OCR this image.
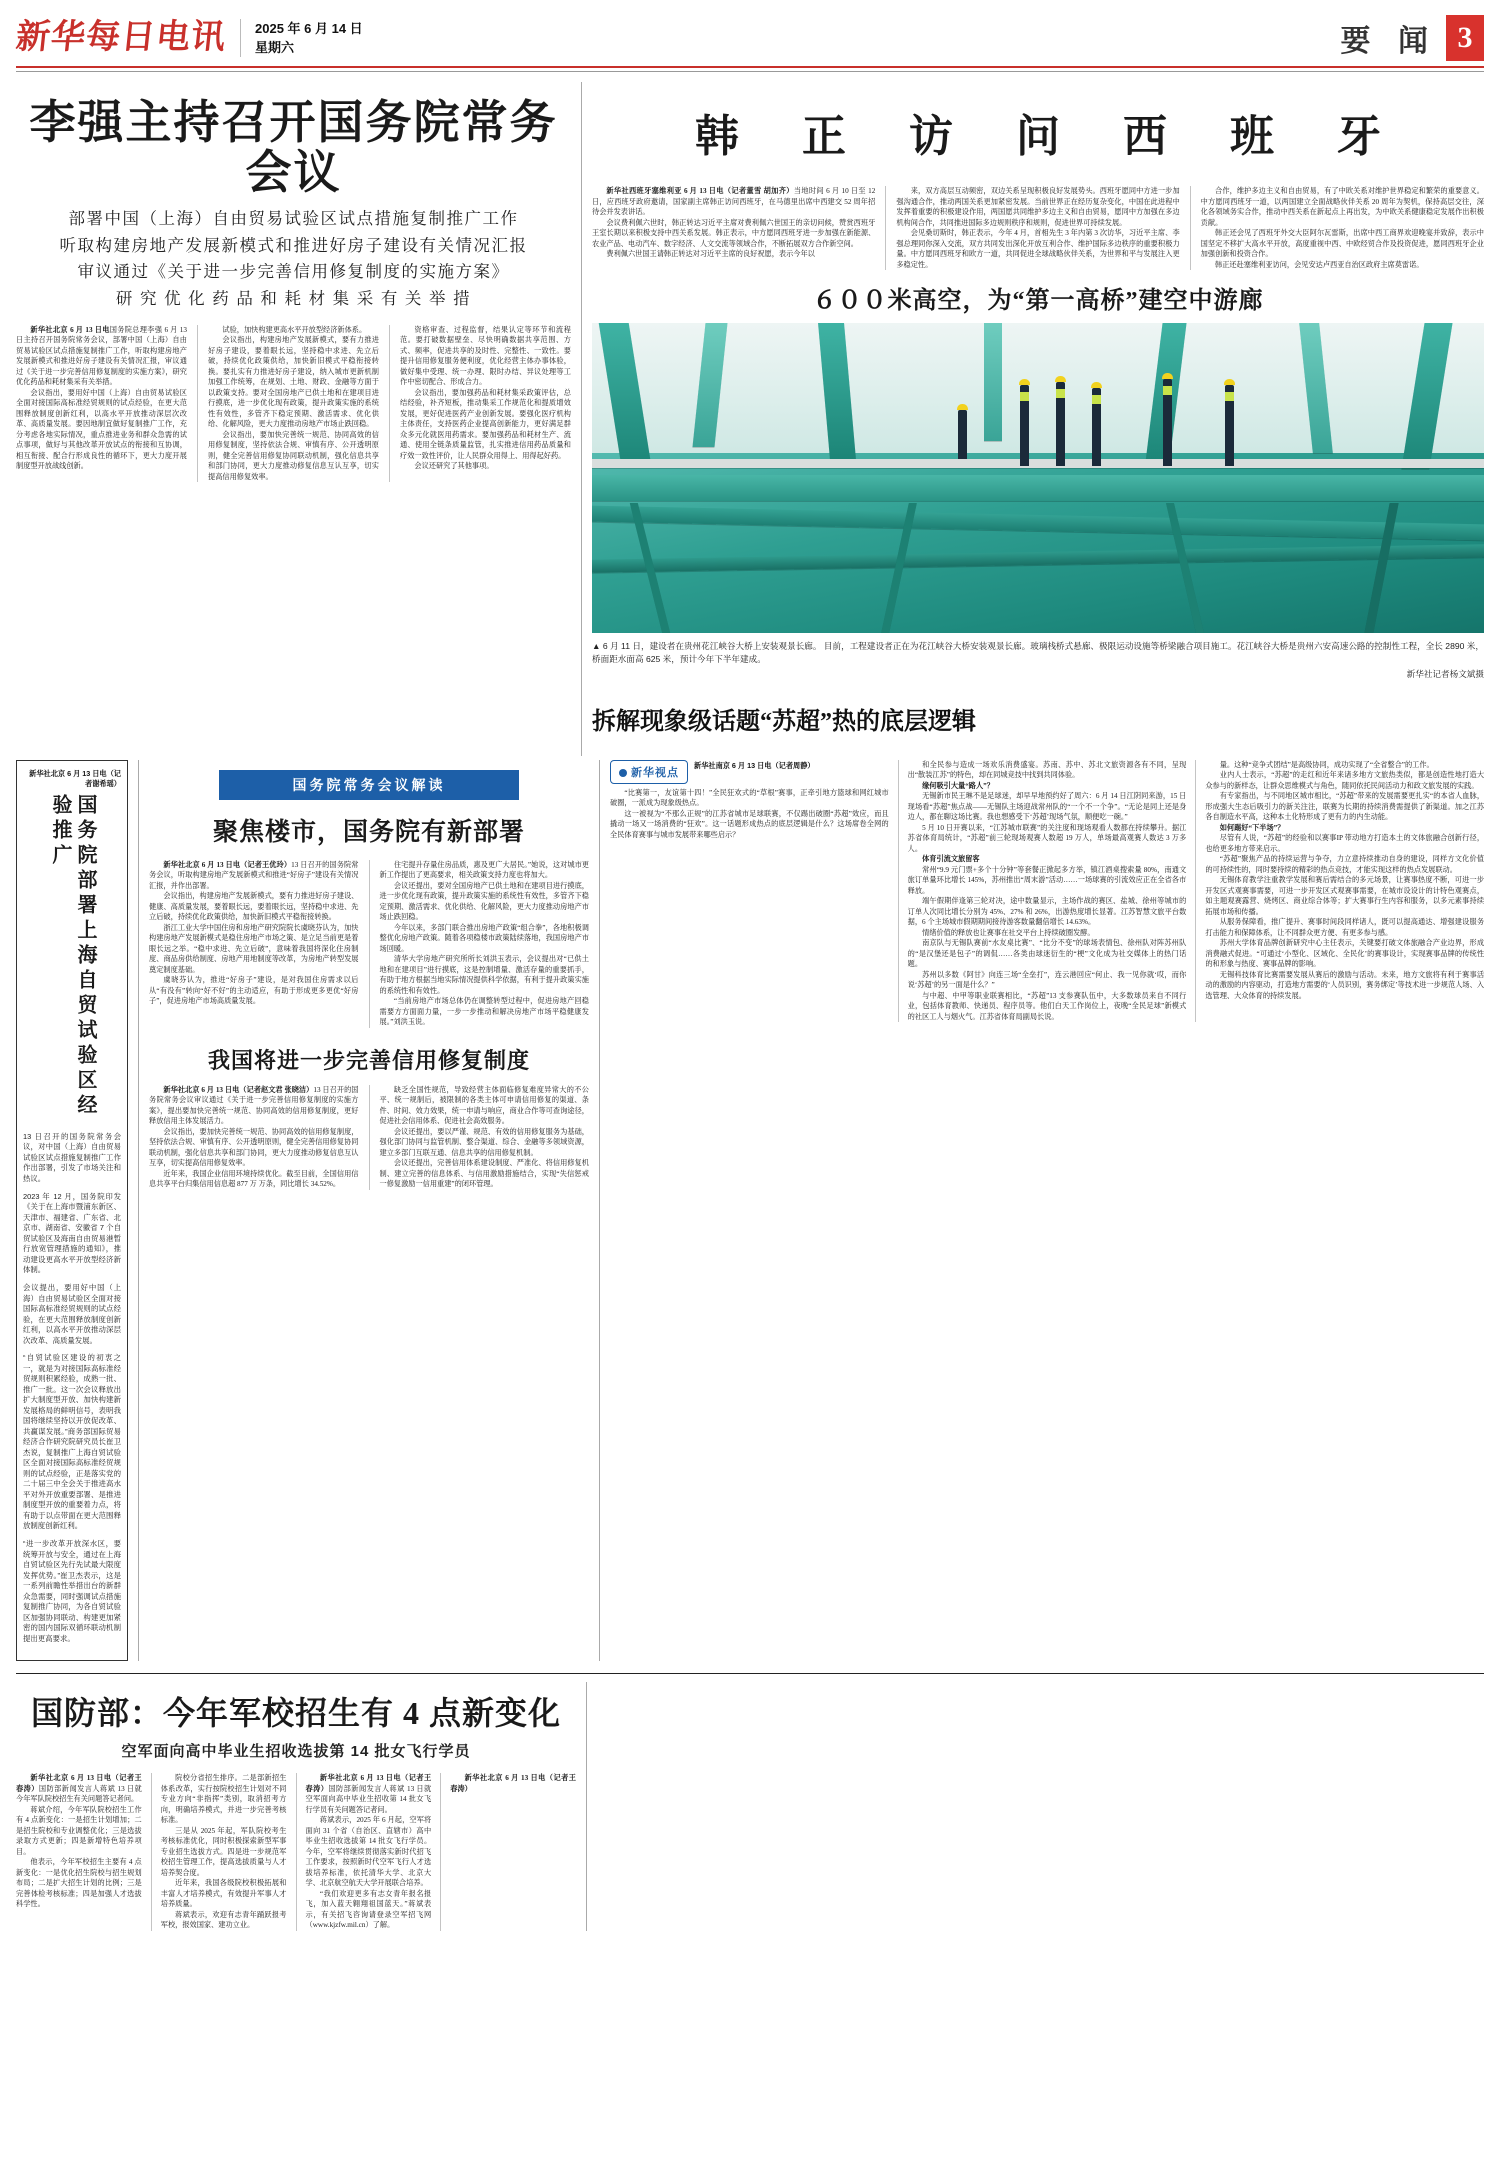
新华每日电讯 2025 年 6 月 14 日
星期六	要 闻 3
李强主持召开国务院常务会议
部署中国（上海）自由贸易试验区试点措施复制推广工作
听取构建房地产发展新模式和推进好房子建设有关情况汇报
审议通过《关于进一步完善信用修复制度的实施方案》
研 究 优 化 药 品 和 耗 材 集 采 有 关 举 措

新华社北京 6 月 13 日电国务院总理李强 6 月 13 日主持召开国务院常务会议，部署中国（上海）自由贸易试验区试点措施复制推广工作，听取构建房地产发展新模式和推进好房子建设有关情况汇报，审议通过《关于进一步完善信用修复制度的实施方案》，研究优化药品和耗材集采有关举措。

会议指出，要用好中国（上海）自由贸易试验区全面对接国际高标准经贸规则的试点经验，在更大范围释放制度创新红利，以高水平开放推动深层次改革、高质量发展。要因地制宜做好复制推广工作，充分考虑各地实际情况，重点推进业务和群众急需的试点事项，做好与其他改革开放试点的衔接和互协调，相互衔接、配合行形成良性的循环下，更大力度开展制度型开放战线创新。

试验，加快构建更高水平开放型经济新体系。

会议指出，构建房地产发展新模式，要有力推进好房子建设，要着眼长远，坚持稳中求进、先立后破，持续优化政策供给，加快新旧模式平稳衔接转换。要扎实有力推进好房子建设，纳入城市更新机制加强工作统筹，在规划、土地、财政、金融等方面于以政策支持。要对全国房地产已供土地和在建项目进行摸底，进一步优化现有政策，提升政策实施的系统性有效性，多管齐下稳定预期、激活需求、优化供给、化解风险，更大力度推动房地产市场止跌回稳。

会议指出，要加快完善统一规范、协同高效的信用修复制度，坚持依法合规、审慎有序、公开透明原则，健全完善信用修复协同联动机制，强化信息共享和部门协同，更大力度推动修复信息互认互享，切实提高信用修复效率。

资格审查、过程监督，结果认定等环节和流程范。要打破数据壁垒、尽快明确数据共享范围、方式、频率，促进共享的及时性、完整性、一致性。要提升信用修复服务便利度，优化经营主体办事体验，做好集中受理、统一办理、限时办结、异议处理等工作中密切配合、形成合力。

会议指出，要加强药品和耗材集采政策评估，总结经验，补齐短板，推动集采工作规范化和提质增效发展，更好促进医药产业创新发展。要强化医疗机构主体责任，支持医药企业提高创新能力，更好满足群众多元化就医用药需求。要加强药品和耗材生产、流通、使用全链条质量监管，扎实推进信用药品质量和疗效一致性评价，让人民群众用得上、用得起好药。

会议还研究了其他事项。

韩 正 访 问 西 班 牙

新华社西班牙塞维利亚 6 月 13 日电（记者董雪 胡加齐）当地时间 6 月 10 日至 12 日，应西班牙政府邀请，国家副主席韩正访问西班牙，在马德里出席中西建交 52 周年招待会并发表讲话。

会议费利佩六世时，韩正转达习近平主席对费利佩六世国王的亲切问候，赞赏西班牙王室长期以来积极支持中西关系发展。韩正表示，中方愿同西班牙进一步加强在新能源、农业产品、电动汽车、数字经济、人文交流等领域合作，不断拓展双方合作新空间。

费利佩六世国王请韩正转达对习近平主席的良好祝愿，表示今年以

来，双方高层互动频密，双边关系呈现积极良好发展势头。西班牙愿同中方进一步加强沟通合作，推动两国关系更加紧密发展。当前世界正在经历复杂变化，中国在此进程中发挥着重要的积极建设作用，两国愿共同维护多边主义和自由贸易，愿同中方加强在多边机构间合作，共同推进国际多边规则秩序和规则，促进世界可持续发展。

会见桑切斯时，韩正表示，今年 4 月，首相先生 3 年内第 3 次访华，习近平主席、李强总理同你深入交流，双方共同发出深化开放互利合作、维护国际多边秩序的重要积极力量。中方愿同西班牙和欧方一道，共同促进全球战略伙伴关系，为世界和平与发展注入更多稳定性。

合作，维护多边主义和自由贸易，有了中欧关系对维护世界稳定和繁荣的重要意义。中方愿同西班牙一道，以两国建立全面战略伙伴关系 20 周年为契机，保持高层交往，深化各领域务实合作，推动中西关系在新起点上再出发，为中欧关系健康稳定发展作出积极贡献。

韩正还会见了西班牙外交大臣阿尔瓦雷斯，出席中西工商界欢迎晚宴并致辞，表示中国坚定不移扩大高水平开放，高度重视中西、中欧经贸合作及投资促进，愿同西班牙企业加强创新和投资合作。

韩正还赴塞维利亚访问，会见安达卢西亚自治区政府主席莫雷诺。

６００米高空，为“第一高桥”建空中游廊
▲ 6 月 11 日，建设者在贵州花江峡谷大桥上安装观景长廊。 目前，工程建设者正在为花江峡谷大桥安装观景长廊。玻璃栈桥式悬廊、极限运动设施等桥梁融合项目施工。花江峡谷大桥是贵州六安高速公路的控制性工程，全长 2890 米，桥面距水面高 625 米，预计今年下半年建成。
新华社记者杨文斌摄
拆解现象级话题“苏超”热的底层逻辑
新华社北京 6 月 13 日电（记者谢希瑶）
国务院部署上海自贸试验区经验推广

13 日召开的国务院常务会议，对中国（上海）自由贸易试验区试点措施复制推广工作作出部署，引发了市场关注和热议。

2023 年 12 月，国务院印发《关于在上海市暨浦东新区、天津市、福建省、广东省、北京市、湖南省、安徽省 7 个自贸试验区及海南自由贸易港暂行放宽管理措施的通知》，推动建设更高水平开放型经济新体制。

会议提出，要用好中国（上海）自由贸易试验区全面对接国际高标准经贸规则的试点经验，在更大范围释放制度创新红利，以高水平开放推动深层次改革、高质量发展。

“自贸试验区建设的初衷之一，就是为对接国际高标准经贸规则积累经验，成熟一批、推广一批。这一次会议释放出扩大制度型开放、加快构建新发展格局的鲜明信号，表明我国将继续坚持以开放促改革、共赢谋发展。”商务部国际贸易经济合作研究院研究员长崔卫杰说，复制推广上海自贸试验区全面对接国际高标准经贸规则的试点经验，正是落实党的二十届三中全会关于推进高水平对外开放重要部署、是推进制度型开放的重要着力点，将有助于以点带面在更大范围释放制度创新红利。

“进一步改革开放深水区，要统筹开放与安全，通过在上海自贸试验区先行先试最大限度发挥优势。”崔卫杰表示，这是一系列前瞻性举措出台的新群众急需要，同时强调试点措施复制推广协同，为各自贸试验区加强协同联动、构建更加紧密的国内国际双循环联动机制提出更高要求。

国务院常务会议解读
聚焦楼市，国务院有新部署

新华社北京 6 月 13 日电（记者王优玲）13 日召开的国务院常务会议，听取构建房地产发展新模式和推进“好房子”建设有关情况汇报，并作出部署。

会议指出，构建房地产发展新模式，要有力推进好房子建设、健康、高质量发展，要着眼长远，要着眼长远，坚持稳中求进、先立后破，持续优化政策供给，加快新旧模式平稳衔接转换。

浙江工业大学中国住房和房地产研究院院长虞晓芬认为，加快构建房地产发展新模式是稳住房地产市场之策、是立足当前更是着眼长远之举。“稳中求进、先立后破”，意味着我国将深化住房制度、商品房供给制度、房地产用地制度等改革，为房地产转型发展奠定制度基础。

虞晓芬认为，推进“好房子”建设，是对我国住房需求以后从“有没有”转向“好不好”的主动适应，有助于形成更多更优“好房子”，促进房地产市场高质量发展。

住宅提升存量住房品质，惠及更广大居民。”她说，这对城市更新工作提出了更高要求，相关政策支持力度也将加大。

会议还提出，要对全国房地产已供土地和在建项目进行摸底，进一步优化现有政策，提升政策实施的系统性有效性，多管齐下稳定预期、激活需求、优化供给、化解风险，更大力度推动房地产市场止跌回稳。

今年以来，多部门联合推出房地产政策“组合拳”，各地积极调整优化房地产政策。随着各项稳楼市政策陆续落地，我国房地产市场回暖。

清华大学房地产研究所所长刘洪玉表示，会议提出对“已供土地和在建项目”进行摸底，这是控制增量、激活存量的重要抓手，有助于地方根据当地实际情况提供科学依据，有利于提升政策实施的系统性和有效性。

“当前房地产市场总体仍在调整转型过程中，促进房地产回稳需要方方面面力量，一步一步推动和解决房地产市场平稳健康发展。”刘洪玉说。

我国将进一步完善信用修复制度

新华社北京 6 月 13 日电（记者赵文君 张晓洁）13 日召开的国务院常务会议审议通过《关于进一步完善信用修复制度的实施方案》，提出要加快完善统一规范、协同高效的信用修复制度，更好释放信用主体发展活力。

会议指出，要加快完善统一规范、协同高效的信用修复制度，坚持依法合规、审慎有序、公开透明原则，健全完善信用修复协同联动机制，强化信息共享和部门协同，更大力度推动修复信息互认互享，切实提高信用修复效率。

近年来，我国企业信用环境持续优化。截至目前，全国信用信息共享平台归集信用信息超 877 万 万条，同比增长 34.52%。

缺乏全国性规范，导致经营主体面临修复难度异常大的不公平、统一规制后，被限制的各类主体可申请信用修复的渠道、条件、时间、效力效果，统一申请与响应，商业合作等可查询途径，促进社会信用体系、促进社会高效服务。

会议还提出，要以严谨、规范、有效的信用修复服务为基础，强化部门协同与监管机制、整合渠道、综合、金融等多领域资源，建立多部门互联互通、信息共享的信用修复机制。

会议还提出，完善信用体系建设制度、严准化、将信用修复机制、建立完善的信息体系、与信用激励措施结合，实现“失信惩戒一修复激励一信用重建”的闭环管理。

新华视点
新华社南京 6 月 13 日电（记者周静）

“比赛第一，友谊第十四！”全民狂欢式的“草根”赛事，正牵引地方篮球和网红城市破圈，一派成为现象级热点。

这一被视为“不那么正规”的江苏省城市足球联赛，不仅踢出破圈“苏超”效应，而且撬动一场又一场消费的“狂欢”。这一话题形成热点的底层逻辑是什么？这场席卷全网的全民体育赛事与城市发展带来哪些启示？

和全民参与造成一场欢乐消费盛宴。苏南、苏中、苏北文旅资源各有不同，呈现出“散装江苏”的特色，却在同城竞技中找到共同体验。

缘何吸引大量“路人”？

无锡新市民王琳不是足球迷，却早早地预约好了周六：6 月 14 日江阴同来游，15 日现场看“苏超”焦点战——无锡队主场迎战常州队的“一个不一个争”。“无论是同上还是身边人，都在聊这场比赛。我也想感受下‘苏超’现场气氛，顺便吃一碗。”

5 月 10 日开赛以来，“江苏城市联赛”的关注度和现场观看人数都在持续攀升。据江苏省体育局统计，“苏超”前三轮现场观赛人数超 19 万人，单场最高观赛人数达 3 万多人。

体育引流文旅留客

常州“9.9 元门票+多个十分钟”等套餐正掀起多方举，镇江酒桌搜索量 80%，南通文旅订单量环比增长 145%，苏州推出“周末游”活动……一场球赛的引流效应正在全省各市释放。

端午假期伴逢第三轮对决，途中数量显示，主场作战的赛区、盐城、徐州等城市的订单人次同比增长分别为 45%、27% 和 26%，出游热度增长显著。江苏智慧文旅平台数据，6 个主场城市假期期间接待游客数量翻倍增长 14.63%。

情绪价值的释放也让赛事在社交平台上持续破圈发酵。

南京队与无锡队赛前“水友桌比赛”、“比分不变”的球场表情包、徐州队对阵苏州队的“是汉堡还是包子”的调侃……各类由球迷衍生的“梗”文化成为社交媒体上的热门话题。

苏州以多数《阿甘》向连三场“全垒打”，连云港回应“何止、我一见你就‘哎，而你说‘苏超’的另一面是什么？”

与中超、中甲等职业联赛相比，“苏超”13 支参赛队伍中，大多数球员来自不同行业，包括体育教师、快递员、程序员等。他们白天工作岗位上，夜晚“全民足球”新模式的社区工人与烟火气。江苏省体育局副局长说。

量。这种“竞争式团结”是高级协同，成功实现了“全省整合”的工作。

业内人士表示，“苏超”的走红和近年来诸多地方文旅热类似，都是创造性地打造大众参与的新样态，让群众思维模式与角色，随同依托民间活动力和政文旅发展的实践。

有专家指出，与不同地区城市相比，“苏超”带来的发展需要更扎实“的本省人血脉，形成强大生态后吸引力的新关注注，联赛为长期的持续消费需提供了新渠道。加之江苏各自制造水平高，这种本土化特形成了更有力的内生动能。

如何踢好“下半场”？

尽管有人说，“苏超”的经验和以赛事IP 带动地方打造本土的文体旅融合创新行径，也给更多地方带来启示。

“苏超”聚焦产品的持续运营与争夺，力立意持续推动自身的建设，同样方文化价值的可持续性的，同时要持续的精彩的热点竞技，才能实现这样的热点发展联动。

无锡体育教学注重教学发展和赛后需结合的多元场景，让赛事热度不断，可进一步开发区式观赛事需要，可进一步开发区式观赛事需要，在城市设设计的计特色观赛点，如主题观赛露营、烧烤区、商业综合体等；扩大赛事行生内容和服务，以多元素事持续拓展市场和传播。

从服务保障看，推广提升、赛事时间段同样诸人，既可以提高通达、增强建设服务打击能力和保障体系，让不同群众更方便、有更多参与感。

苏州大学体育品牌创新研究中心主任表示，关键要打破文体旅融合产业边界，形成消费融式促进。“可通过‘小型化、区域化、全民化’的赛事设计，实现赛事品牌的传统性的和形象与热度、赛事品牌的影响。

无锡科技体育比赛需要发展从赛后的激励与活动。未来，地方文旅将有利于赛事活动的激励的内容驱动，打造地方需要的‘人员识别，赛务绑定’等技术进一步规范人场、入选管理、大众体育的持续发展。

国防部：今年军校招生有 4 点新变化
空军面向高中毕业生招收选拔第 14 批女飞行学员

新华社北京 6 月 13 日电（记者王春涛）国防部新闻发言人蒋斌 13 日就今年军队院校招生有关问题答记者问。

蒋斌介绍，今年军队院校招生工作有 4 点新变化：一是招生计划增加；二是招生院校和专业调整优化；三是选拔录取方式更新；四是新增特色培养项目。

他表示，今年军校招生主要有 4 点新变化：一是优化招生院校与招生规划布局；二是扩大招生计划的比例；三是完善体检考核标准；四是加强人才选拔科学性。

院校分省招生排序。二是部新招生体系改革，实行按院校招生计划对不同专业方向“非指挥”类别，取消招考方向，明确培养模式，并进一步完善考核标准。

三是从 2025 年起，军队院校考生考核标准优化，同时积极探索新型军事专业招生选拔方式。四是进一步规范军校招生管理工作，提高选拔质量与人才培养契合度。

近年来，我国各级院校积极拓展和丰富人才培养模式，有效提升军事人才培养质量。

蒋斌表示，欢迎有志青年踊跃报考军校，报效国家、建功立业。

新华社北京 6 月 13 日电（记者王春涛）国防部新闻发言人蒋斌 13 日就空军面向高中毕业生招收第 14 批女飞行学员有关问题答记者问。

蒋斌表示，2025 年 6 月起，空军将面向 31 个省（自治区、直辖市）高中毕业生招收选拔第 14 批女飞行学员。今年，空军将继续贯彻落实新时代招飞工作要求，按照新时代空军飞行人才选拔培养标准，依托清华大学、北京大学、北京航空航天大学开展联合培养。

“我们欢迎更多有志女青年报名报飞，加入蓝天翱翔祖国蓝天。”蒋斌表示，有关招飞咨询请登录空军招飞网（www.kjzfw.mil.cn）了解。

新华社北京 6 月 13 日电（记者王春涛）
